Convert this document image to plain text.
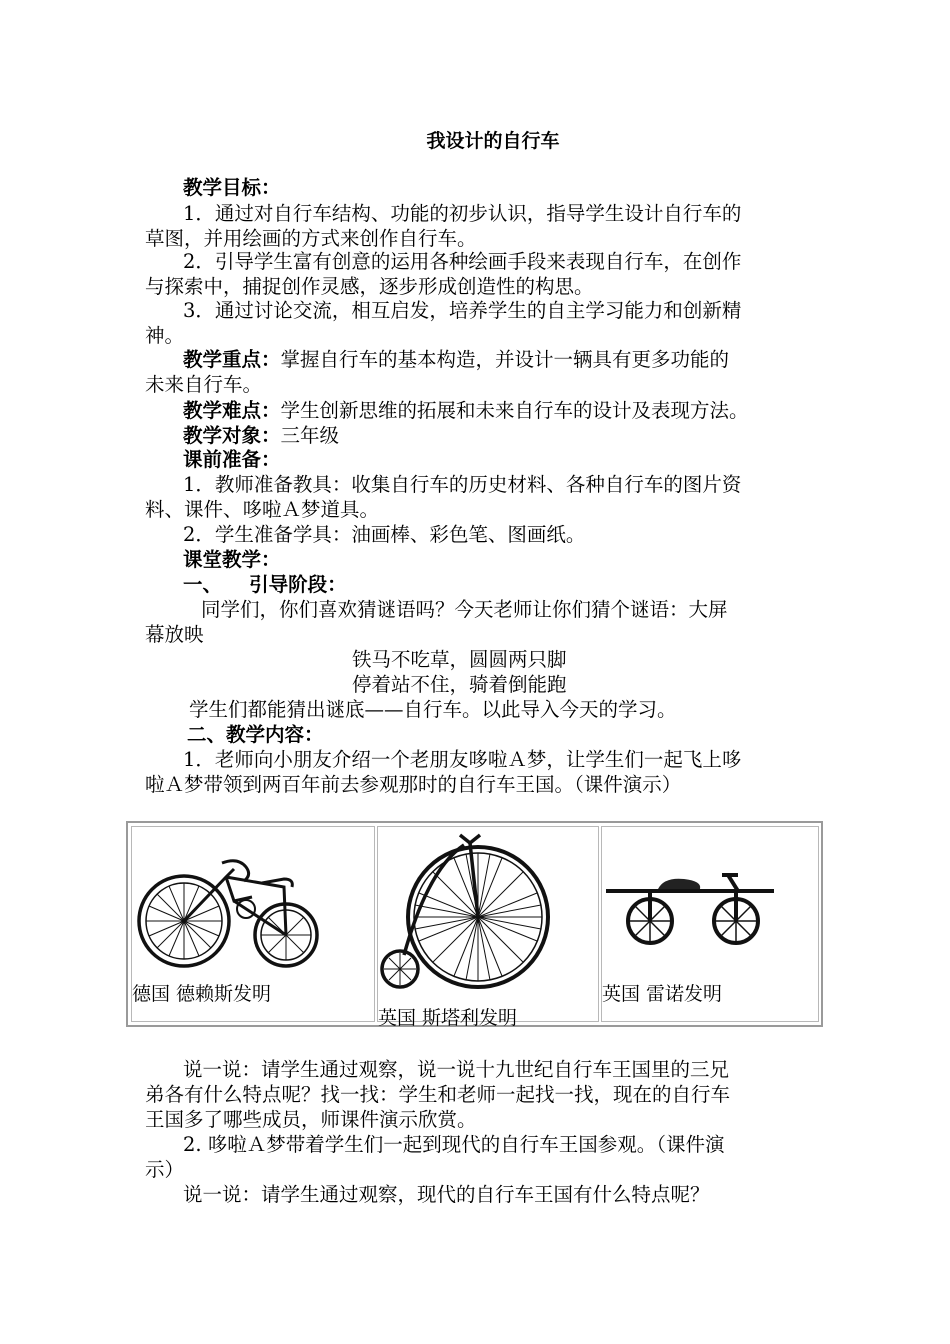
我设计的自行车
教学目标：
1．通过对自行车结构、功能的初步认识，指导学生设计自行车的
草图，并用绘画的方式来创作自行车。
2．引导学生富有创意的运用各种绘画手段来表现自行车，在创作
与探索中，捕捉创作灵感，逐步形成创造性的构思。
3．通过讨论交流，相互启发，培养学生的自主学习能力和创新精
神。
教学重点：掌握自行车的基本构造，并设计一辆具有更多功能的
未来自行车。
教学难点：学生创新思维的拓展和未来自行车的设计及表现方法。
教学对象：三年级
课前准备：
1．教师准备教具：收集自行车的历史材料、各种自行车的图片资
料、课件、哆啦Ａ梦道具。
2．学生准备学具：油画棒、彩色笔、图画纸。
课堂教学：
一、    引导阶段：
同学们，你们喜欢猜谜语吗？今天老师让你们猜个谜语：大屏
幕放映
铁马不吃草，圆圆两只脚
停着站不住，骑着倒能跑
学生们都能猜出谜底——自行车。以此导入今天的学习。
二、教学内容：
1．老师向小朋友介绍一个老朋友哆啦Ａ梦，让学生们一起飞上哆
啦Ａ梦带领到两百年前去参观那时的自行车王国。（课件演示）
德国 德赖斯发明
英国 斯塔利发明
英国 雷诺发明
说一说：请学生通过观察，说一说十九世纪自行车王国里的三兄
弟各有什么特点呢？找一找：学生和老师一起找一找，现在的自行车
王国多了哪些成员，师课件演示欣赏。
2. 哆啦Ａ梦带着学生们一起到现代的自行车王国参观。（课件演
示）
说一说：请学生通过观察，现代的自行车王国有什么特点呢？
